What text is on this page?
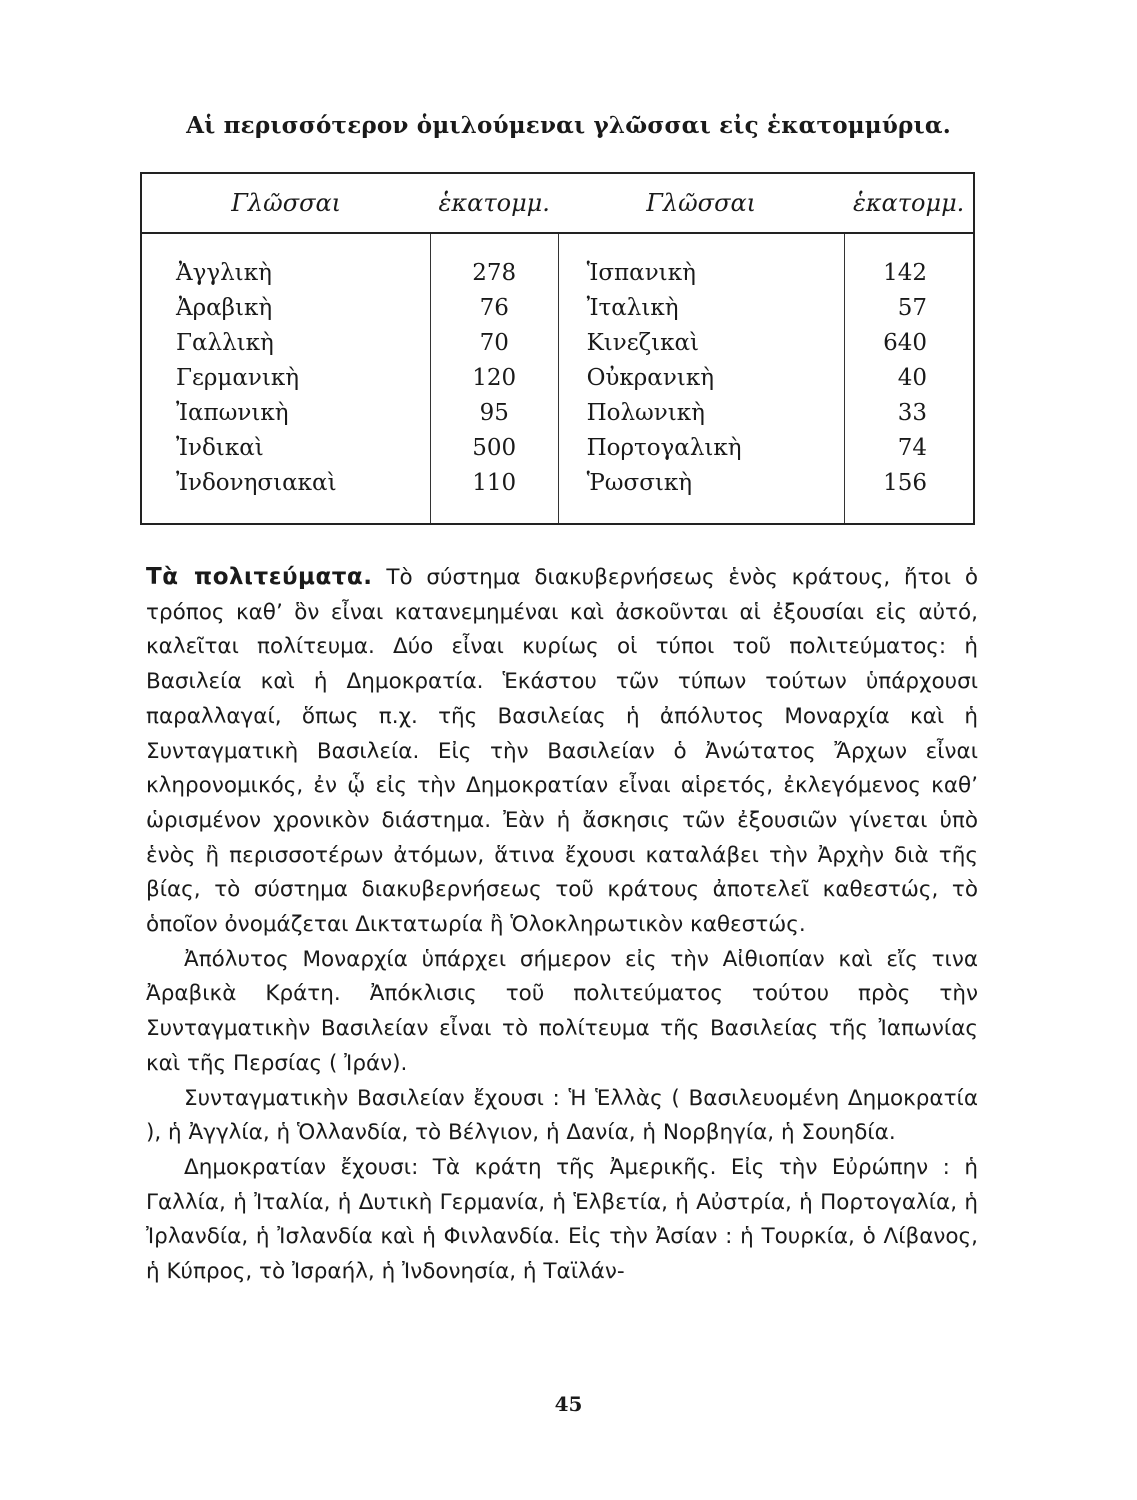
Αἱ περισσότερον ὁμιλούμεναι γλῶσσαι εἰς ἑκατομμύρια.
Γλῶσσαι	ἑκατομμ.	Γλῶσσαι	ἑκατομμ.
Ἀγγλικὴ	278	Ἱσπανικὴ	142
Ἀραβικὴ	76	Ἰταλικὴ	57
Γαλλικὴ	70	Κινεζικαὶ	640
Γερμανικὴ	120	Οὐκρανικὴ	40
Ἰαπωνικὴ	95	Πολωνικὴ	33
Ἰνδικαὶ	500	Πορτογαλικὴ	74
Ἰνδονησιακαὶ	110	Ῥωσσικὴ	156

Τὰ πολιτεύματα. Τὸ σύστημα διακυβερνήσεως ἑνὸς κράτους, ἤτοι ὁ τρόπος καθ’ ὃν εἶναι κατανεμημέναι καὶ ἀσκοῦνται αἱ ἐξουσίαι εἰς αὐτό, καλεῖται πολίτευμα. Δύο εἶναι κυρίως οἱ τύποι τοῦ πολιτεύματος: ἡ Βασιλεία καὶ ἡ Δημοκρατία. Ἑκάστου τῶν τύπων τούτων ὑπάρχουσι παραλλαγαί, ὅπως π.χ. τῆς Βασιλείας ἡ ἀπόλυτος Μοναρχία καὶ ἡ Συνταγματικὴ Βασιλεία. Εἰς τὴν Βασιλείαν ὁ Ἀνώτατος Ἄρχων εἶναι κληρονομικός, ἐν ᾧ εἰς τὴν Δημοκρατίαν εἶναι αἱρετός, ἐκλεγόμενος καθ’ ὡρισμένον χρονικὸν διάστημα. Ἐὰν ἡ ἄσκησις τῶν ἐξουσιῶν γίνεται ὑπὸ ἑνὸς ἢ περισσοτέρων ἀτόμων, ἅτινα ἔχουσι καταλάβει τὴν Ἀρχὴν διὰ τῆς βίας, τὸ σύστημα διακυβερνήσεως τοῦ κράτους ἀποτελεῖ καθεστώς, τὸ ὁποῖον ὀνομάζεται Δικτατωρία ἢ Ὁλοκληρωτικὸν καθεστώς.

Ἀπόλυτος Μοναρχία ὑπάρχει σήμερον εἰς τὴν Αἰθιοπίαν καὶ εἴς τινα Ἀραβικὰ Κράτη. Ἀπόκλισις τοῦ πολιτεύματος τούτου πρὸς τὴν Συνταγματικὴν Βασιλείαν εἶναι τὸ πολίτευμα τῆς Βασιλείας τῆς Ἰαπωνίας καὶ τῆς Περσίας ( Ἰράν).

Συνταγματικὴν Βασιλείαν ἔχουσι : Ἡ Ἑλλὰς ( Βασιλευομένη Δημοκρατία ), ἡ Ἀγγλία, ἡ Ὁλλανδία, τὸ Βέλγιον, ἡ Δανία, ἡ Νορβηγία, ἡ Σουηδία.

Δημοκρατίαν ἔχουσι: Τὰ κράτη τῆς Ἀμερικῆς. Εἰς τὴν Εὐρώπην : ἡ Γαλλία, ἡ Ἰταλία, ἡ Δυτικὴ Γερμανία, ἡ Ἑλβετία, ἡ Αὐστρία, ἡ Πορτογαλία, ἡ Ἰρλανδία, ἡ Ἰσλανδία καὶ ἡ Φινλανδία. Εἰς τὴν Ἀσίαν : ἡ Τουρκία, ὁ Λίβανος, ἡ Κύπρος, τὸ Ἰσραήλ, ἡ Ἰνδονησία, ἡ Ταϊλάν-

45
